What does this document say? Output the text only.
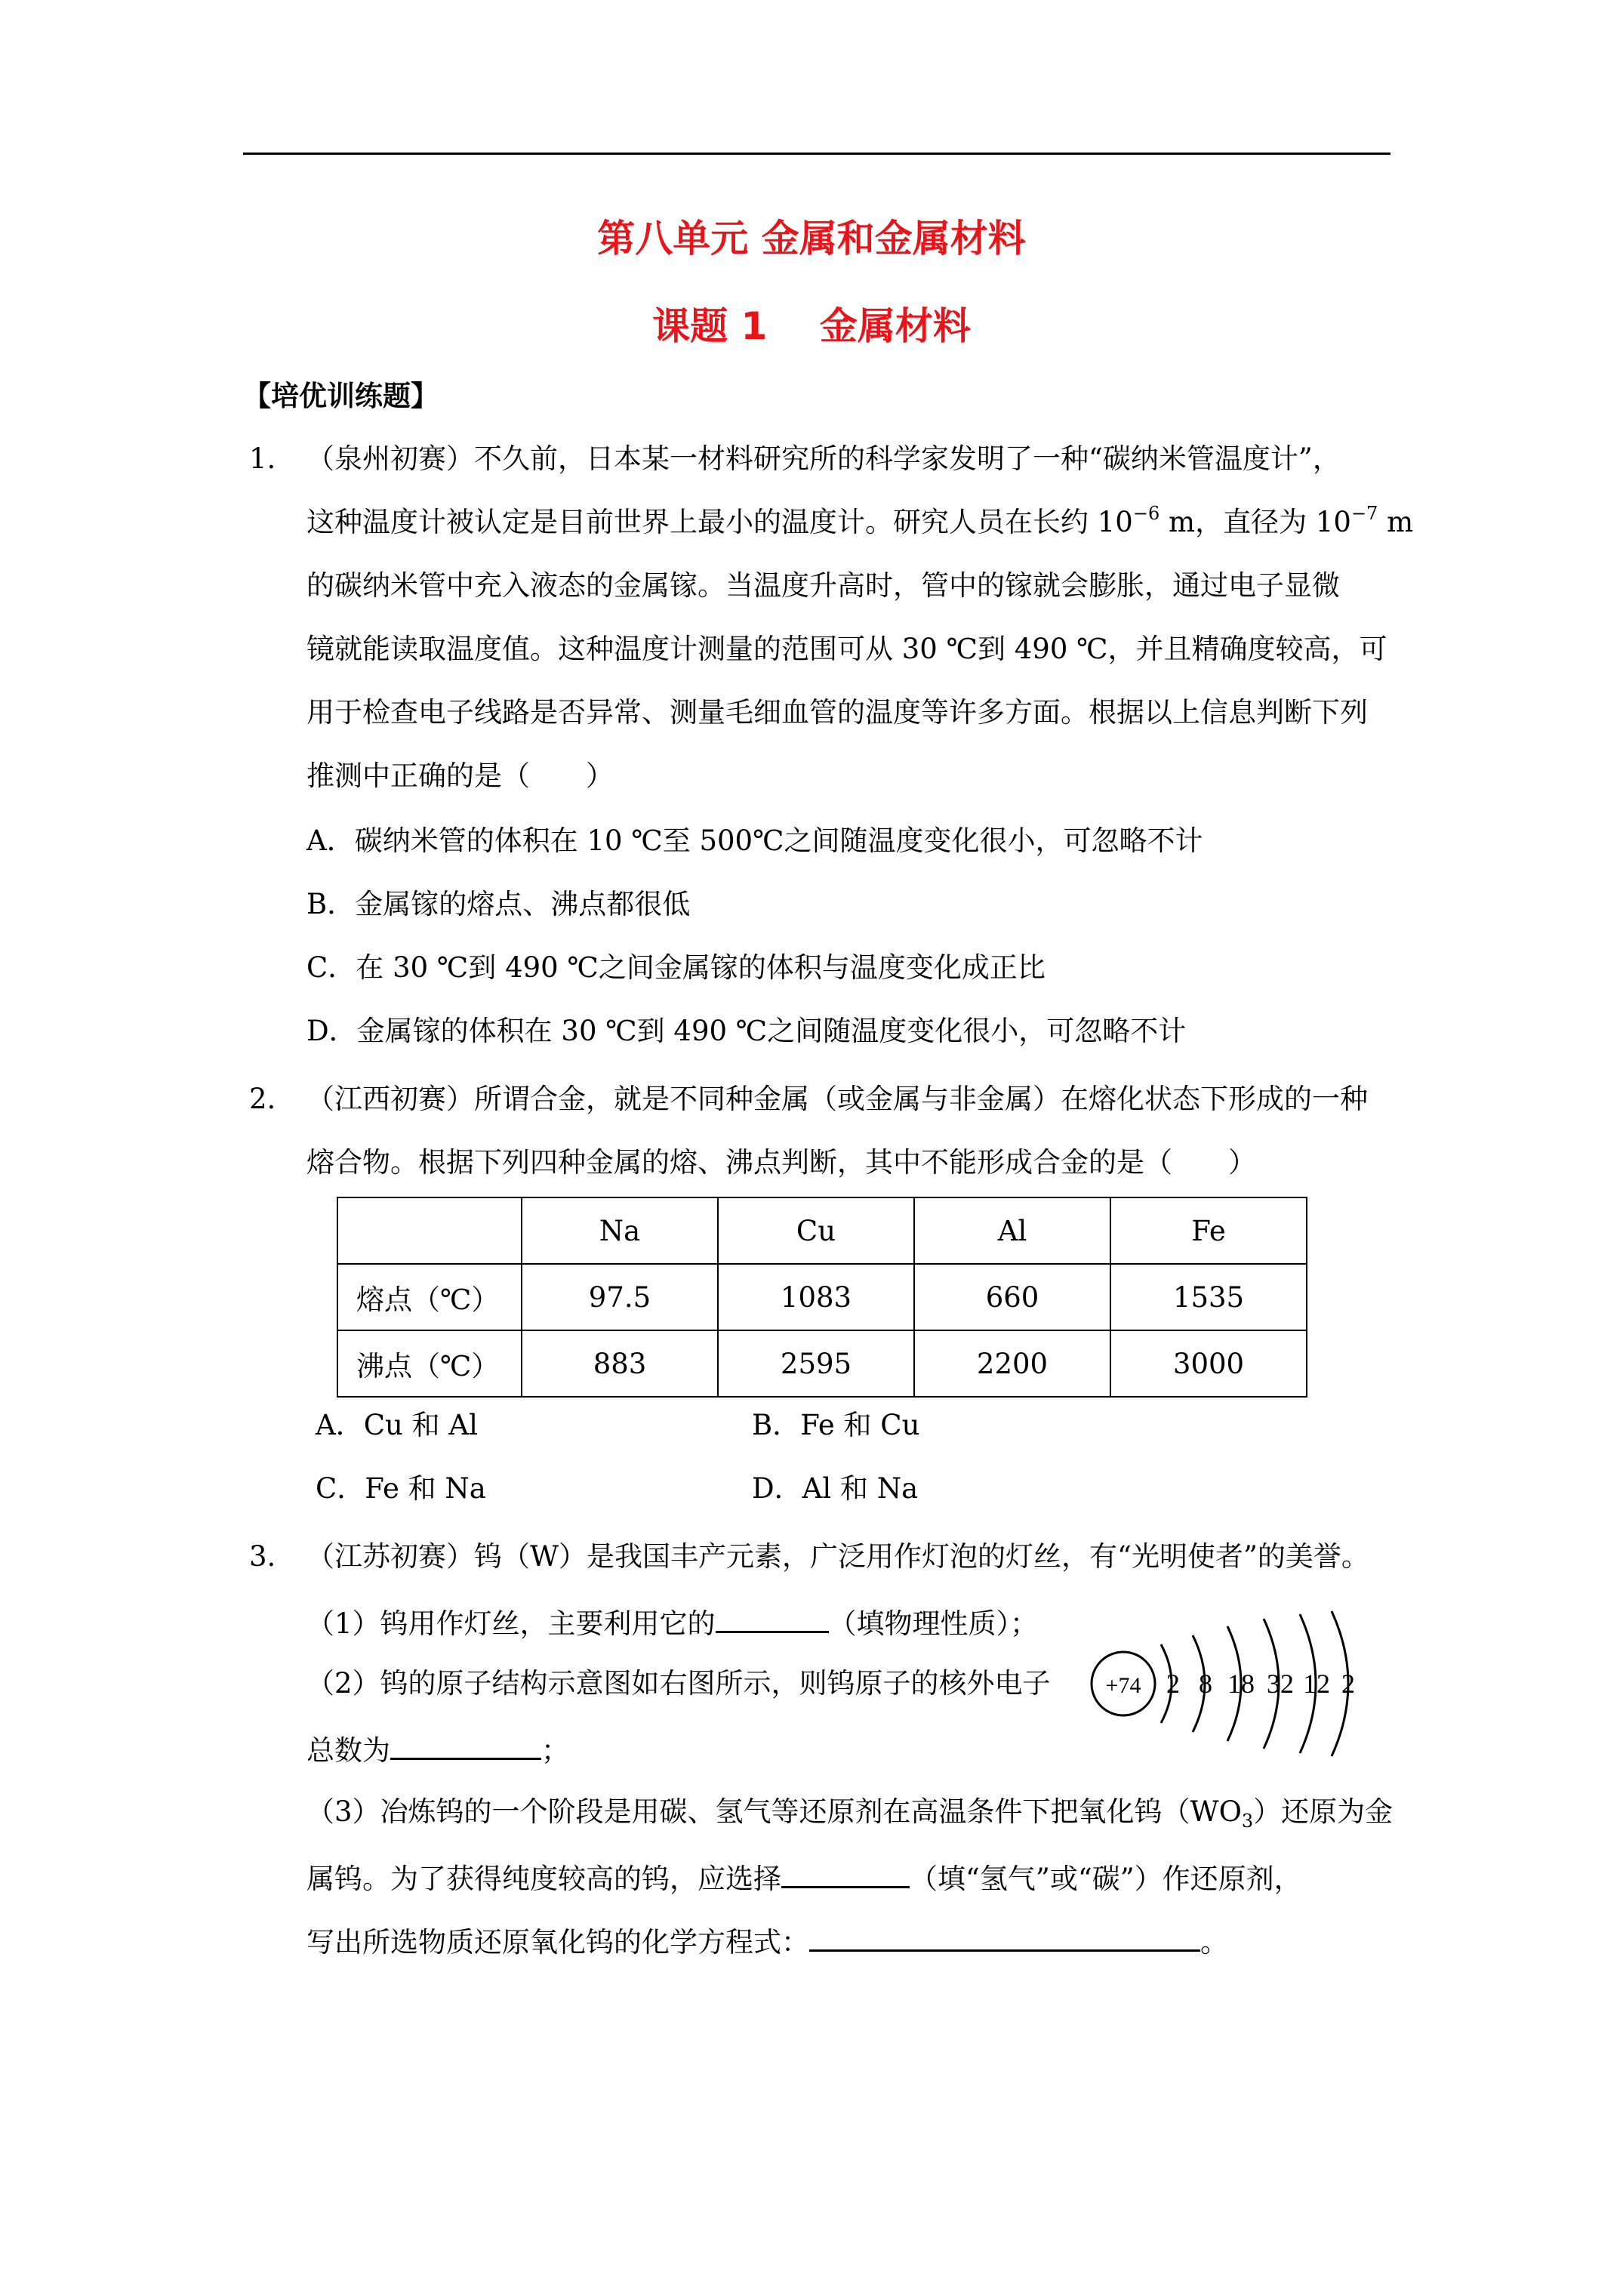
第八单元 金属和金属材料
课题 1    金属材料
【培优训练题】
1. （泉州初赛）不久前，日本某一材料研究所的科学家发明了一种“碳纳米管温度计”，
这种温度计被认定是目前世界上最小的温度计。研究人员在长约 $10^{-6}$ m，直径为 $10^{-7}$ m
的碳纳米管中充入液态的金属镓。当温度升高时，管中的镓就会膨胀，通过电子显微
镜就能读取温度值。这种温度计测量的范围可从 30 ℃到 490 ℃，并且精确度较高，可
用于检查电子线路是否异常、测量毛细血管的温度等许多方面。根据以上信息判断下列
推测中正确的是（　　）
A．碳纳米管的体积在 10 ℃至 500℃之间随温度变化很小，可忽略不计
B．金属镓的熔点、沸点都很低
C．在 30 ℃到 490 ℃之间金属镓的体积与温度变化成正比
D．金属镓的体积在 30 ℃到 490 ℃之间随温度变化很小，可忽略不计
2. （江西初赛）所谓合金，就是不同种金属（或金属与非金属）在熔化状态下形成的一种
熔合物。根据下列四种金属的熔、沸点判断，其中不能形成合金的是（　　）
	Na	Cu	Al	Fe
熔点（℃）	97.5	1083	660	1535
沸点（℃）	883	2595	2200	3000
A．Cu 和 Al	B．Fe 和 Cu
C．Fe 和 Na	D．Al 和 Na
3. （江苏初赛）钨（W）是我国丰产元素，广泛用作灯泡的灯丝，有“光明使者”的美誉。
（1）钨用作灯丝，主要利用它的	（填物理性质）；
（2）钨的原子结构示意图如右图所示，则钨原子的核外电子
总数为	；
+74 2 8 18 32 12 2
（3）冶炼钨的一个阶段是用碳、氢气等还原剂在高温条件下把氧化钨$(WO_3)$还原为金
属钨。为了获得纯度较高的钨，应选择	（填“氢气”或“碳”）作还原剂，
写出所选物质还原氧化钨的化学方程式：	。
